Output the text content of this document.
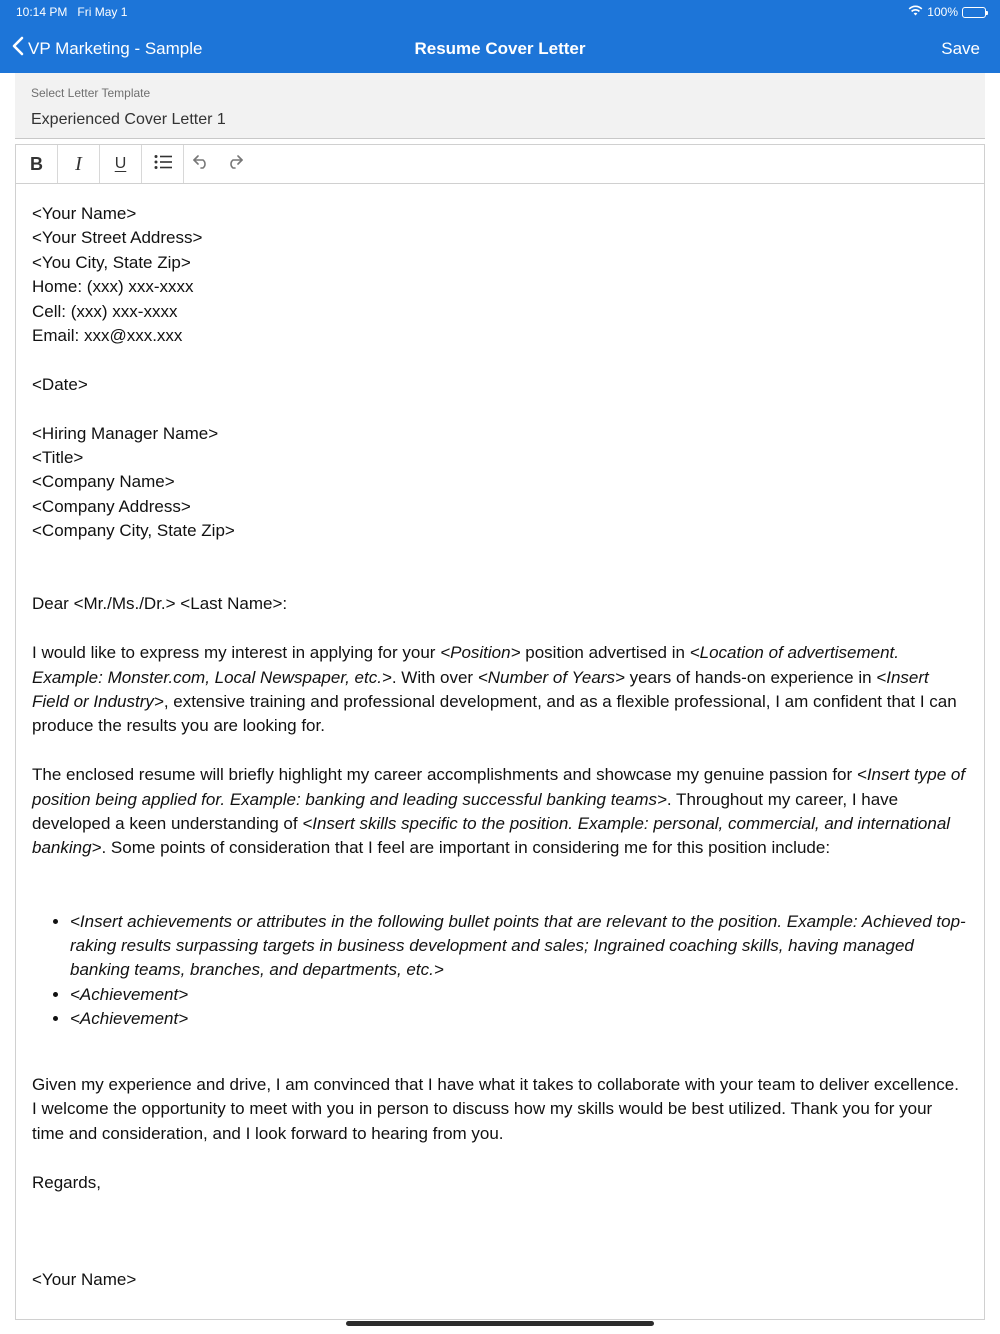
10:14 PM   Fri May 1	100%
VP Marketing - Sample	Resume Cover Letter	Save
Select Letter Template
Experienced Cover Letter 1
B	I	U

<Your Name>

<Your Street Address>

<You City, State Zip>

Home: (xxx) xxx-xxxx

Cell: (xxx) xxx-xxxx

Email: xxx@xxx.xxx

<Date>

<Hiring Manager Name>

<Title>

<Company Name>

<Company Address>

<Company City, State Zip>

Dear <Mr./Ms./Dr.> <Last Name>:

I would like to express my interest in applying for your <Position> position advertised in <Location of advertisement. Example: Monster.com, Local Newspaper, etc.>. With over <Number of Years> years of hands-on experience in <Insert Field or Industry>, extensive training and professional development, and as a flexible professional, I am confident that I can produce the results you are looking for.

The enclosed resume will briefly highlight my career accomplishments and showcase my genuine passion for <Insert type of position being applied for. Example: banking and leading successful banking teams>. Throughout my career, I have developed a keen understanding of <Insert skills specific to the position. Example: personal, commercial, and international banking>. Some points of consideration that I feel are important in considering me for this position include:

• <Insert achievements or attributes in the following bullet points that are relevant to the position. Example: Achieved top-raking results surpassing targets in business development and sales; Ingrained coaching skills, having managed banking teams, branches, and departments, etc.>
• <Achievement>
• <Achievement>

Given my experience and drive, I am convinced that I have what it takes to collaborate with your team to deliver excellence. I welcome the opportunity to meet with you in person to discuss how my skills would be best utilized. Thank you for your time and consideration, and I look forward to hearing from you.

Regards,

<Your Name>
